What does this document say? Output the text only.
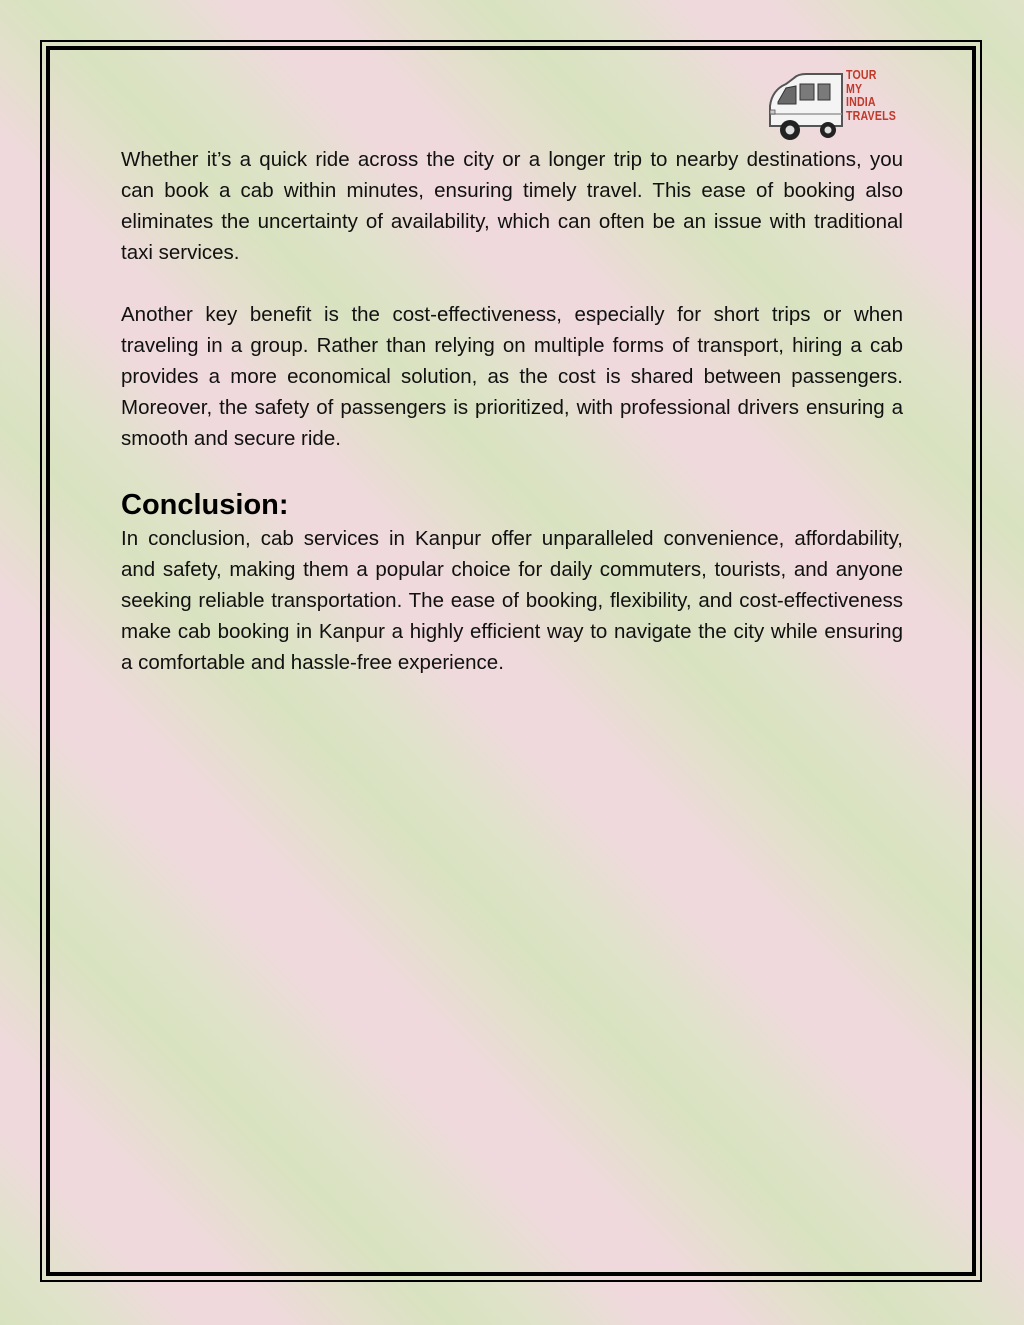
TOUR
MY
INDIA
TRAVELS

Whether it’s a quick ride across the city or a longer trip to nearby destinations, you can book a cab within minutes, ensuring timely travel. This ease of booking also eliminates the uncertainty of availability, which can often be an issue with traditional taxi services.

Another key benefit is the cost-effectiveness, especially for short trips or when traveling in a group. Rather than relying on multiple forms of transport, hiring a cab provides a more economical solution, as the cost is shared between passengers. Moreover, the safety of passengers is prioritized, with professional drivers ensuring a smooth and secure ride.

Conclusion:

In conclusion, cab services in Kanpur offer unparalleled convenience, affordability, and safety, making them a popular choice for daily commuters, tourists, and anyone seeking reliable transportation. The ease of booking, flexibility, and cost-effectiveness make cab booking in Kanpur a highly efficient way to navigate the city while ensuring a comfortable and hassle-free experience.
